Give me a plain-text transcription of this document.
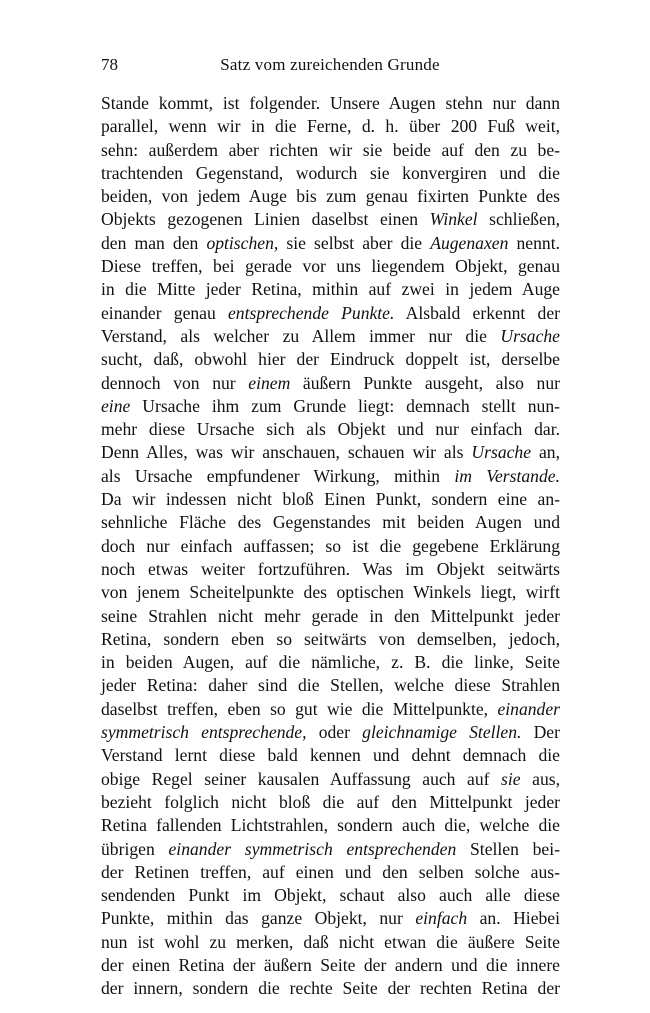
78	Satz vom zureichenden Grunde
Stande kommt, ist folgender. Unsere Augen stehn nur dann
parallel, wenn wir in die Ferne, d. h. über 200 Fuß weit,
sehn: außerdem aber richten wir sie beide auf den zu be-
trachtenden Gegenstand, wodurch sie konvergiren und die
beiden, von jedem Auge bis zum genau fixirten Punkte des
Objekts gezogenen Linien daselbst einen Winkel schließen,
den man den optischen, sie selbst aber die Augenaxen nennt.
Diese treffen, bei gerade vor uns liegendem Objekt, genau
in die Mitte jeder Retina, mithin auf zwei in jedem Auge
einander genau entsprechende Punkte. Alsbald erkennt der
Verstand, als welcher zu Allem immer nur die Ursache
sucht, daß, obwohl hier der Eindruck doppelt ist, derselbe
dennoch von nur einem äußern Punkte ausgeht, also nur
eine Ursache ihm zum Grunde liegt: demnach stellt nun-
mehr diese Ursache sich als Objekt und nur einfach dar.
Denn Alles, was wir anschauen, schauen wir als Ursache an,
als Ursache empfundener Wirkung, mithin im Verstande.
Da wir indessen nicht bloß Einen Punkt, sondern eine an-
sehnliche Fläche des Gegenstandes mit beiden Augen und
doch nur einfach auffassen; so ist die gegebene Erklärung
noch etwas weiter fortzuführen. Was im Objekt seitwärts
von jenem Scheitelpunkte des optischen Winkels liegt, wirft
seine Strahlen nicht mehr gerade in den Mittelpunkt jeder
Retina, sondern eben so seitwärts von demselben, jedoch,
in beiden Augen, auf die nämliche, z. B. die linke, Seite
jeder Retina: daher sind die Stellen, welche diese Strahlen
daselbst treffen, eben so gut wie die Mittelpunkte, einander
symmetrisch entsprechende, oder gleichnamige Stellen. Der
Verstand lernt diese bald kennen und dehnt demnach die
obige Regel seiner kausalen Auffassung auch auf sie aus,
bezieht folglich nicht bloß die auf den Mittelpunkt jeder
Retina fallenden Lichtstrahlen, sondern auch die, welche die
übrigen einander symmetrisch entsprechenden Stellen bei-
der Retinen treffen, auf einen und den selben solche aus-
sendenden Punkt im Objekt, schaut also auch alle diese
Punkte, mithin das ganze Objekt, nur einfach an. Hiebei
nun ist wohl zu merken, daß nicht etwan die äußere Seite
der einen Retina der äußern Seite der andern und die innere
der innern, sondern die rechte Seite der rechten Retina der
